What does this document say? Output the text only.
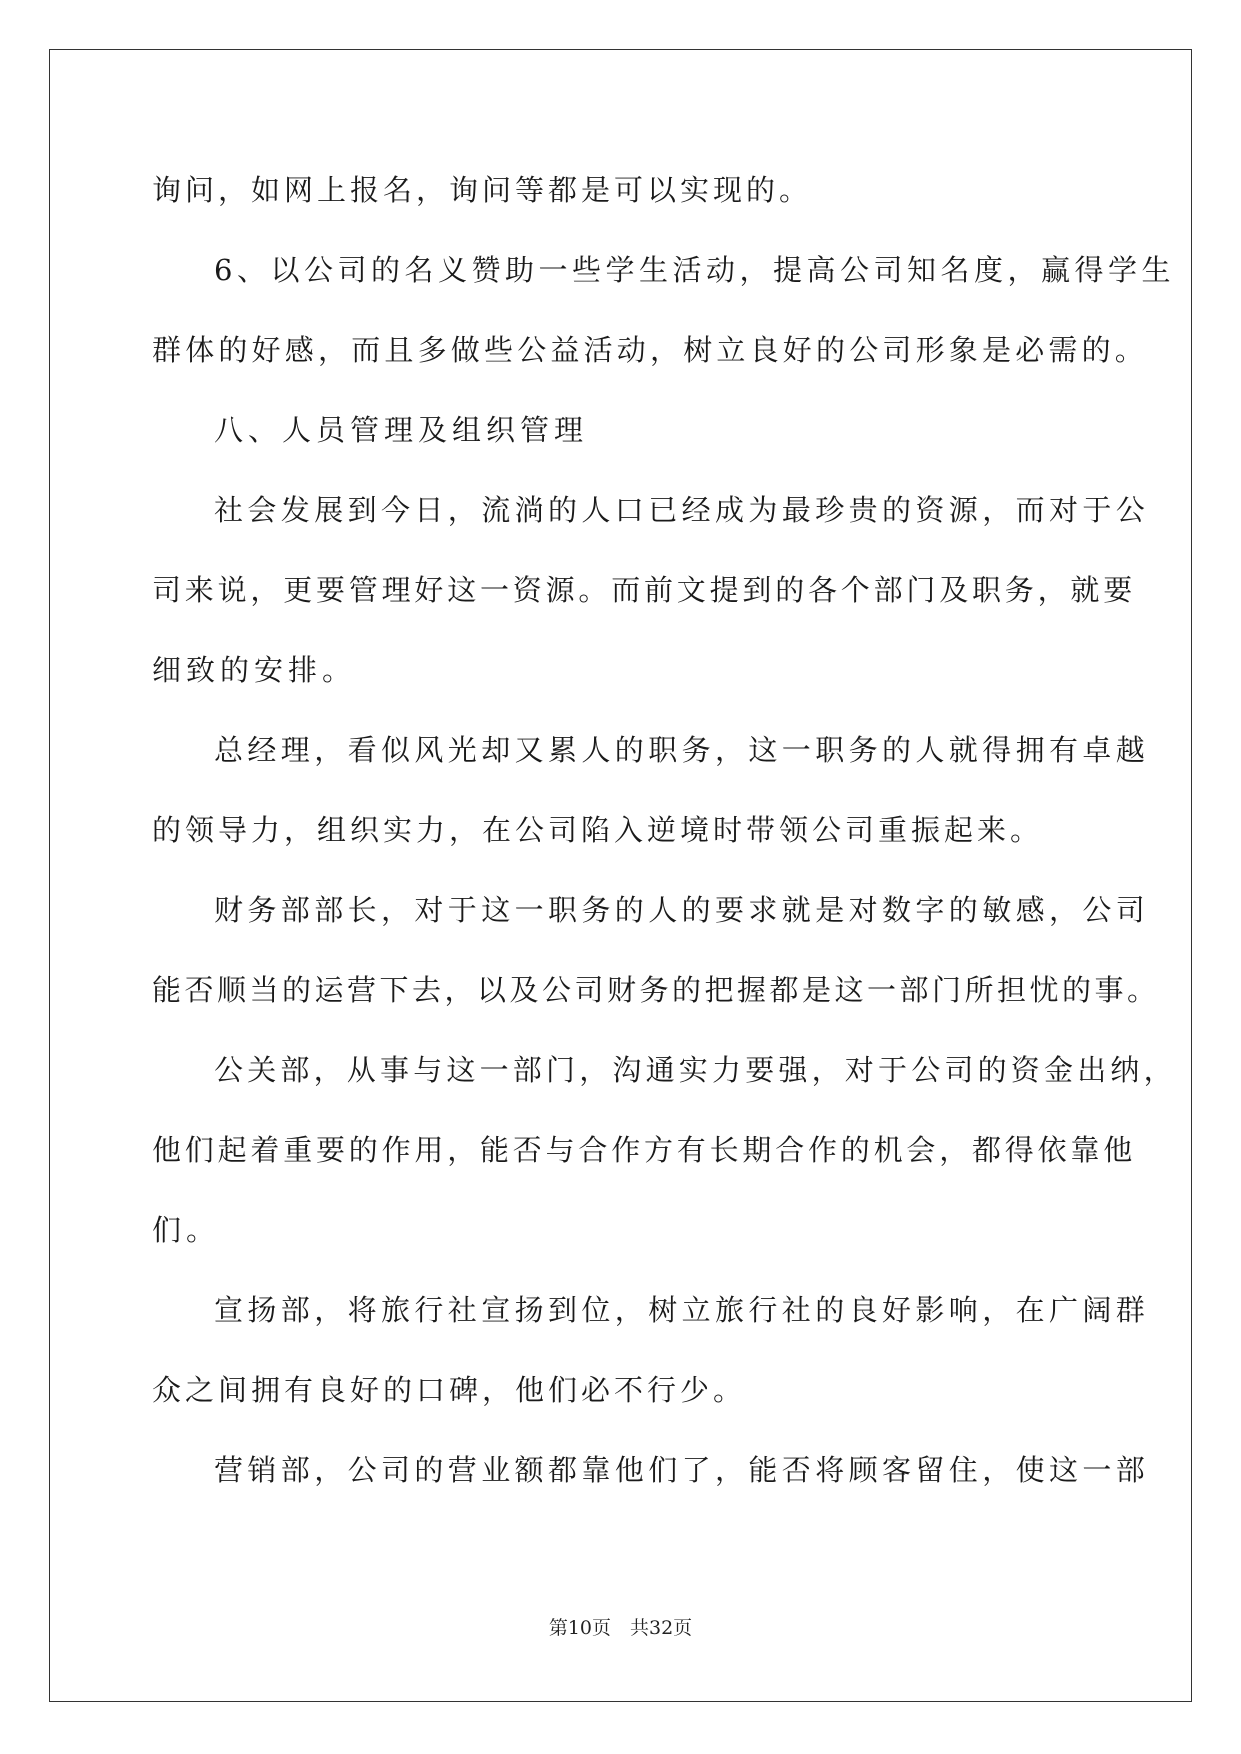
询问，如网上报名，询问等都是可以实现的。
6、以公司的名义赞助一些学生活动，提高公司知名度，赢得学生
群体的好感，而且多做些公益活动，树立良好的公司形象是必需的。
八、人员管理及组织管理
社会发展到今日，流淌的人口已经成为最珍贵的资源，而对于公
司来说，更要管理好这一资源。而前文提到的各个部门及职务，就要
细致的安排。
总经理，看似风光却又累人的职务，这一职务的人就得拥有卓越
的领导力，组织实力，在公司陷入逆境时带领公司重振起来。
财务部部长，对于这一职务的人的要求就是对数字的敏感，公司
能否顺当的运营下去，以及公司财务的把握都是这一部门所担忧的事。
公关部，从事与这一部门，沟通实力要强，对于公司的资金出纳，
他们起着重要的作用，能否与合作方有长期合作的机会，都得依靠他
们。
宣扬部，将旅行社宣扬到位，树立旅行社的良好影响，在广阔群
众之间拥有良好的口碑，他们必不行少。
营销部，公司的营业额都靠他们了，能否将顾客留住，使这一部
第10页　共32页
